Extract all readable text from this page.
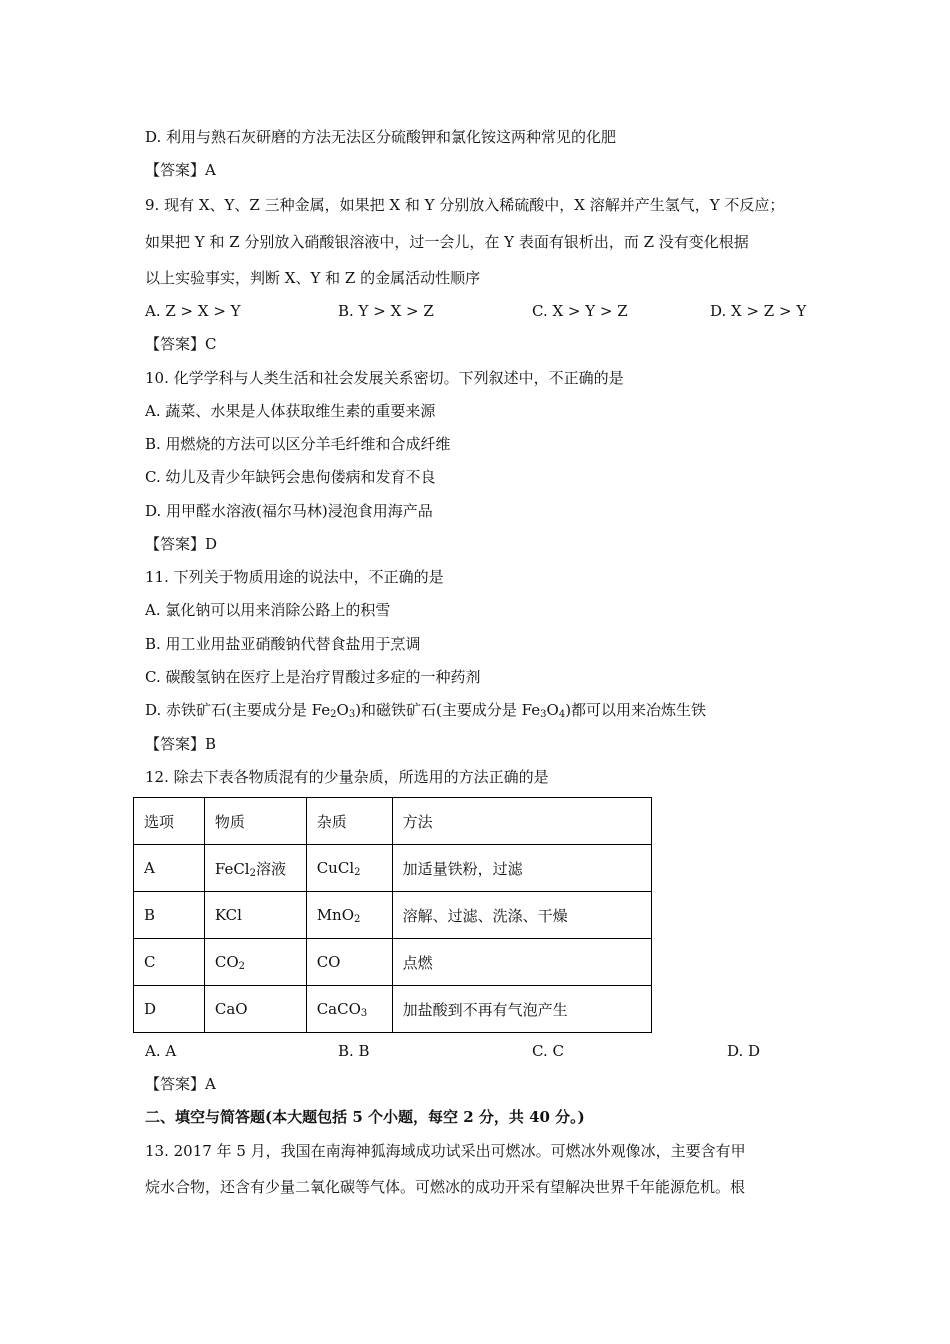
D. 利用与熟石灰研磨的方法无法区分硫酸钾和氯化铵这两种常见的化肥
【答案】A
9. 现有 X、Y、Z 三种金属，如果把 X 和 Y 分别放入稀硫酸中，X 溶解并产生氢气，Y 不反应；
如果把 Y 和 Z 分别放入硝酸银溶液中，过一会儿，在 Y 表面有银析出，而 Z 没有变化根据
以上实验事实，判断 X、Y 和 Z 的金属活动性顺序
A. Z > X > Y	B. Y > X > Z	C. X > Y > Z	D. X > Z > Y
【答案】C
10. 化学学科与人类生活和社会发展关系密切。下列叙述中，不正确的是
A. 蔬菜、水果是人体获取维生素的重要来源
B. 用燃烧的方法可以区分羊毛纤维和合成纤维
C. 幼儿及青少年缺钙会患佝偻病和发育不良
D. 用甲醛水溶液(福尔马林)浸泡食用海产品
【答案】D
11. 下列关于物质用途的说法中，不正确的是
A. 氯化钠可以用来消除公路上的积雪
B. 用工业用盐亚硝酸钠代替食盐用于烹调
C. 碳酸氢钠在医疗上是治疗胃酸过多症的一种药剂
D. 赤铁矿石(主要成分是 $Fe_2O_3$)和磁铁矿石(主要成分是 $Fe_3O_4$)都可以用来冶炼生铁
【答案】B
12. 除去下表各物质混有的少量杂质，所选用的方法正确的是
选项	物质	杂质	方法
A	FeCl$_2$溶液	CuCl$_2$	加适量铁粉，过滤
B	KCl	MnO$_2$	溶解、过滤、洗涤、干燥
C	$CO_2$	CO	点燃
D	CaO	CaCO$_3$	加盐酸到不再有气泡产生
A. A	B. B	C. C	D. D
【答案】A
二、填空与简答题(本大题包括 5 个小题，每空 2 分，共 40 分。)
13. 2017 年 5 月，我国在南海神狐海域成功试采出可燃冰。可燃冰外观像冰，主要含有甲
烷水合物，还含有少量二氧化碳等气体。可燃冰的成功开采有望解决世界千年能源危机。根
